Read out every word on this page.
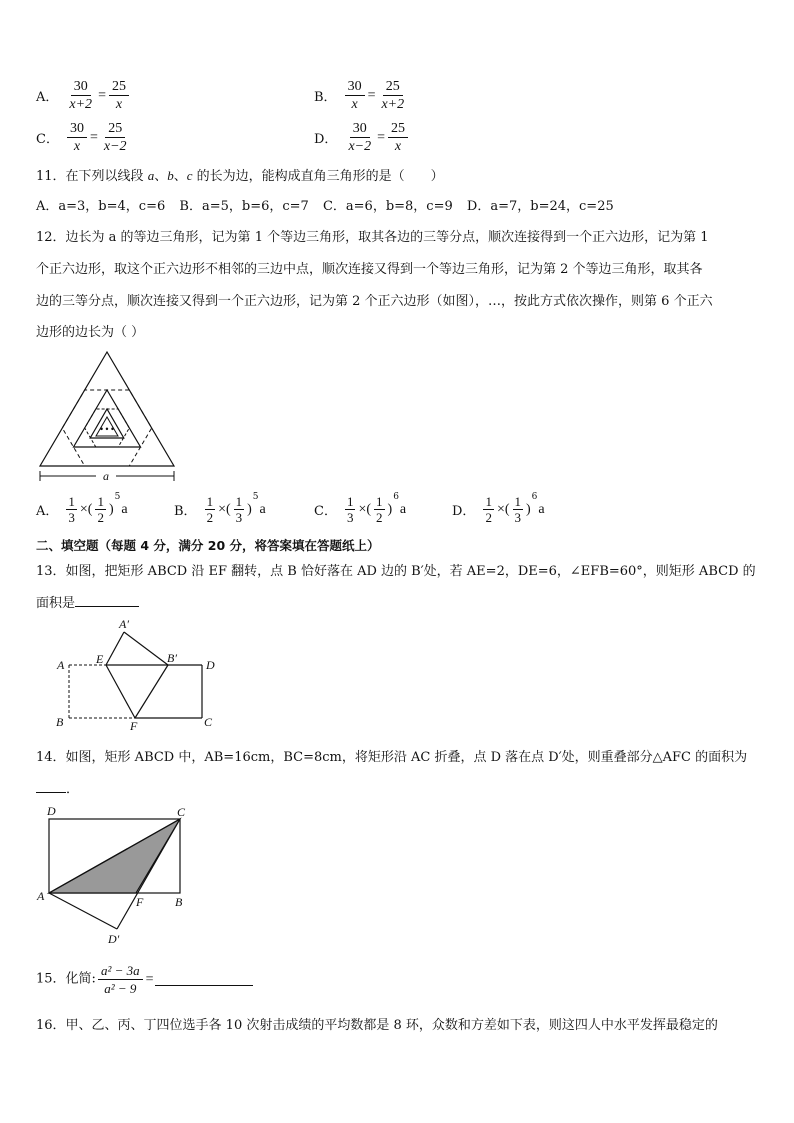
A． $\frac{30}{x+2} = \frac{25}{x}$	B． $\frac{30}{x} = \frac{25}{x+2}$
C． $\frac{30}{x} = \frac{25}{x-2}$	D． $\frac{30}{x-2} = \frac{25}{x}$
11．在下列以线段 a、b、c 的长为边，能构成直角三角形的是（　　）
A．a=3，b=4，c=6 B．a=5，b=6，c=7 C．a=6，b=8，c=9 D．a=7，b=24，c=25
12．边长为 a 的等边三角形，记为第 1 个等边三角形，取其各边的三等分点，顺次连接得到一个正六边形，记为第 1
个正六边形，取这个正六边形不相邻的三边中点，顺次连接又得到一个等边三角形，记为第 2 个等边三角形，取其各
边的三等分点，顺次连接又得到一个正六边形，记为第 2 个正六边形（如图），…，按此方式依次操作，则第 6 个正六
边形的边长为（ ）
• • •
a
A． $\frac{1}{3}$ ×( $\frac{1}{2} )^5a$	B． $\frac{1}{2}$ ×( $\frac{1}{3} )^5a$	C． $\frac{1}{3}$ ×( $\frac{1}{2} )^6a$	D． $\frac{1}{2}$ ×( $\frac{1}{3} )^6a$
二、填空题（每题 4 分，满分 20 分，将答案填在答题纸上）
13．如图，把矩形 ABCD 沿 EF 翻转，点 B 恰好落在 AD 边的 B′处，若 AE=2，DE=6，∠EFB=60°，则矩形 ABCD 的
面积是
A
B	C
D
E
F
A′
B′
14．如图，矩形 ABCD 中，AB=16cm，BC=8cm，将矩形沿 AC 折叠，点 D 落在点 D′处，则重叠部分△AFC 的面积为
．
D	C
A	B
F
D′
15．化简: $\frac{\text{a² − 3a}}{\text{a² − 9}}$ =
16．甲、乙、丙、丁四位选手各 10 次射击成绩的平均数都是 8 环，众数和方差如下表，则这四人中水平发挥最稳定的
